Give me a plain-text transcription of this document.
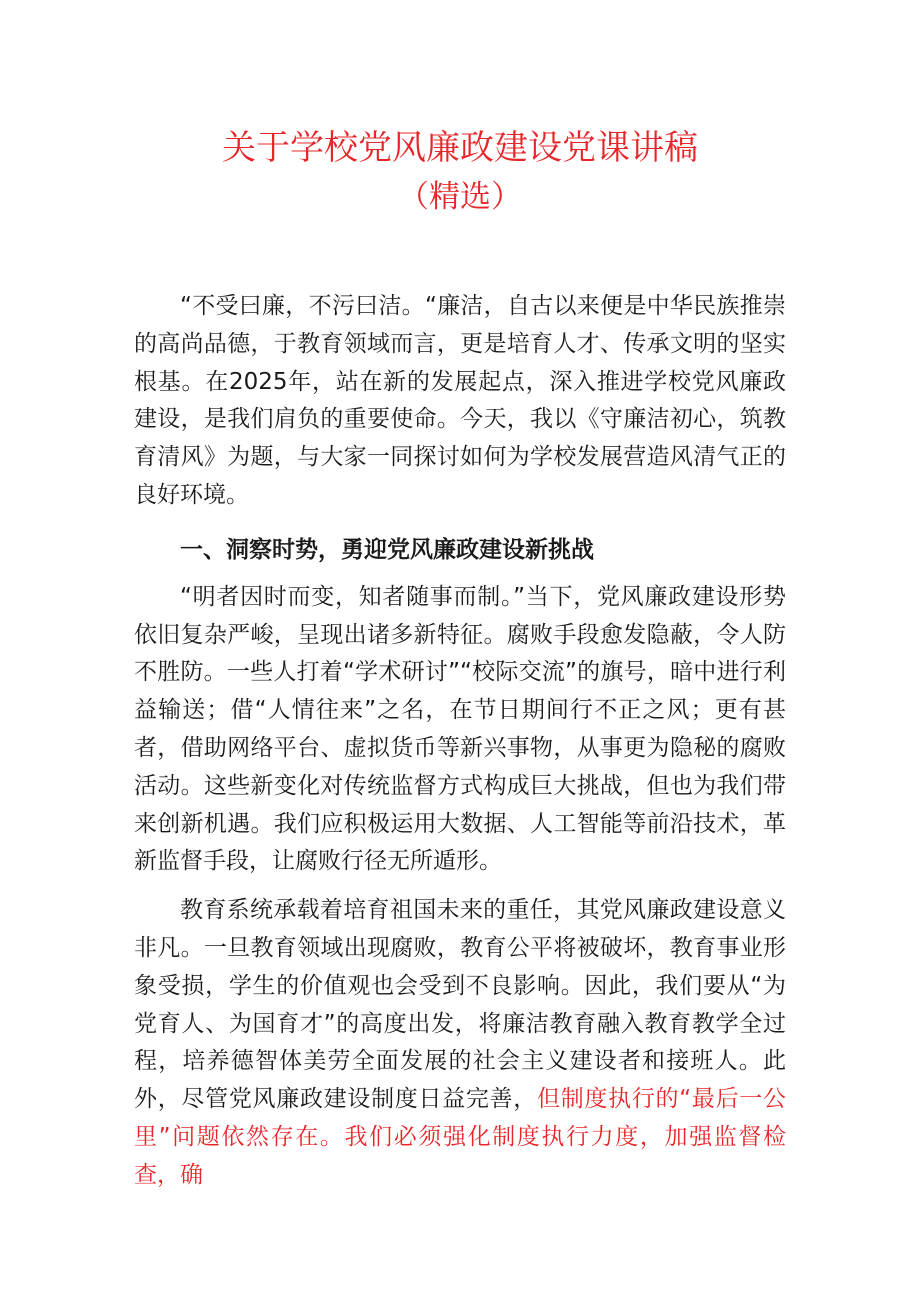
关于学校党风廉政建设党课讲稿
（精选）

“不受曰廉，不污曰洁。“廉洁，自古以来便是中华民族推崇的高尚品德，于教育领域而言，更是培育人才、传承文明的坚实根基。在2025年，站在新的发展起点，深入推进学校党风廉政建设，是我们肩负的重要使命。今天，我以《守廉洁初心，筑教育清风》为题，与大家一同探讨如何为学校发展营造风清气正的良好环境。

一、洞察时势，勇迎党风廉政建设新挑战

“明者因时而变，知者随事而制。”当下，党风廉政建设形势依旧复杂严峻，呈现出诸多新特征。腐败手段愈发隐蔽，令人防不胜防。一些人打着“学术研讨”“校际交流”的旗号，暗中进行利益输送；借“人情往来”之名，在节日期间行不正之风；更有甚者，借助网络平台、虚拟货币等新兴事物，从事更为隐秘的腐败活动。这些新变化对传统监督方式构成巨大挑战，但也为我们带来创新机遇。我们应积极运用大数据、人工智能等前沿技术，革新监督手段，让腐败行径无所遁形。

教育系统承载着培育祖国未来的重任，其党风廉政建设意义非凡。一旦教育领域出现腐败，教育公平将被破坏，教育事业形象受损，学生的价值观也会受到不良影响。因此，我们要从“为党育人、为国育才”的高度出发，将廉洁教育融入教育教学全过程，培养德智体美劳全面发展的社会主义建设者和接班人。此外，尽管党风廉政建设制度日益完善，但制度执行的“最后一公里”问题依然存在。我们必须强化制度执行力度，加强监督检查，确
